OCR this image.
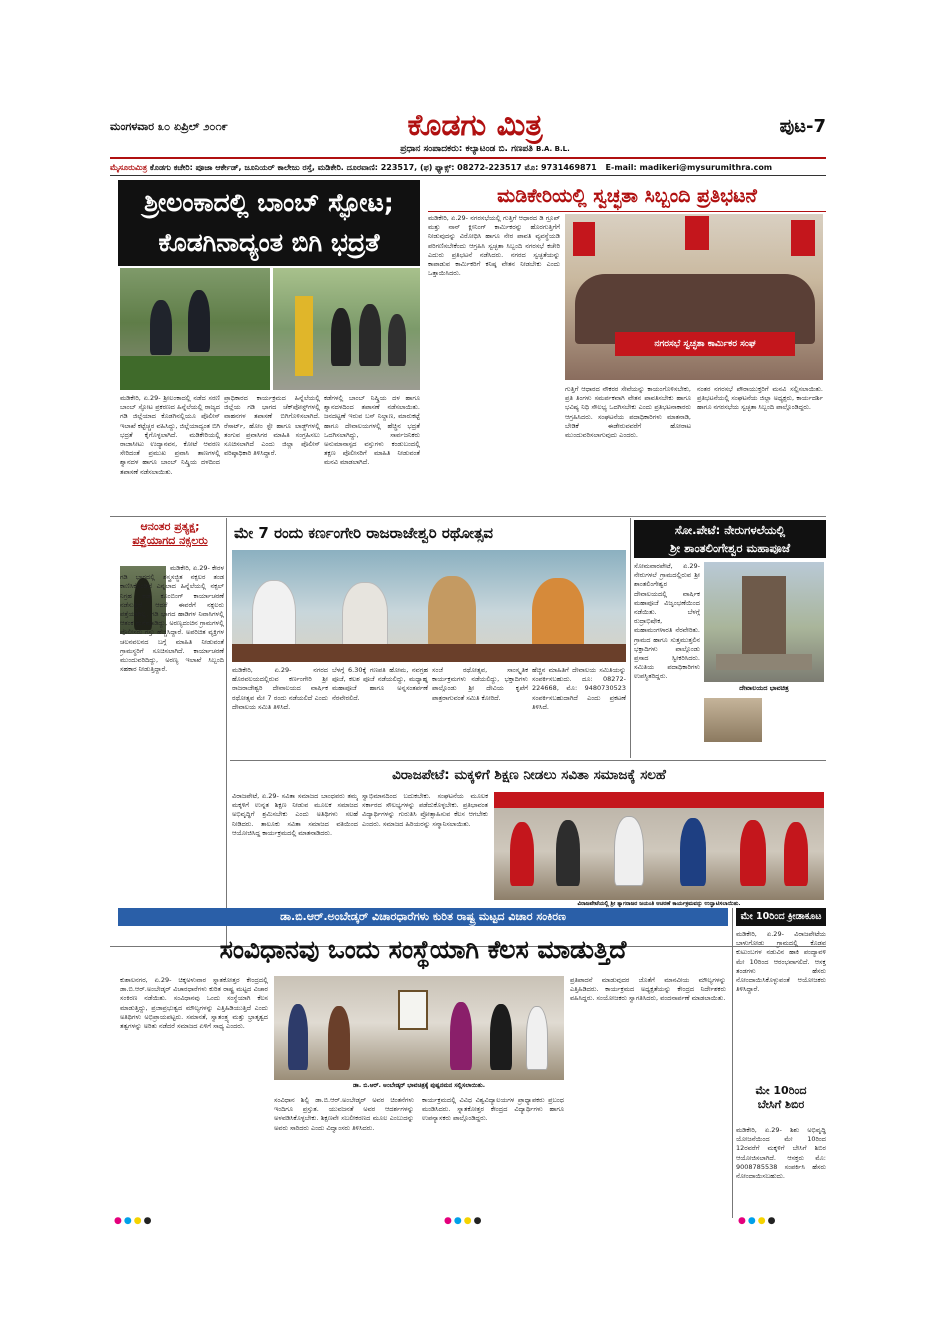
ಮಂಗಳವಾರ ೩೦ ಏಪ್ರಿಲ್ ೨೦೧೯	ಕೊಡಗು ಮಿತ್ರ
ಪ್ರಧಾನ ಸಂಪಾದಕರು: ಕಲ್ಯಾಟಂಡ ಬಿ. ಗಣಪತಿ B.A. B.L.
ಪುಟ-7
ಮೈಸೂರುಮಿತ್ರ ಕೊಡಗು ಕಚೇರಿ: ಪೂಜಾ ಆರ್ಕೇಡ್, ಜೂನಿಯರ್ ಕಾಲೇಜು ರಸ್ತೆ, ಮಡಿಕೇರಿ. ದೂರವಾಣಿ: 223517, (ಫ) ಫ್ಯಾಕ್ಸ್: 08272-223517 ಮೊ: 9731469871 E-mail: madikeri@mysurumithra.com
ಶ್ರೀಲಂಕಾದಲ್ಲಿ ಬಾಂಬ್ ಸ್ಫೋಟ;
ಕೊಡಗಿನಾದ್ಯಂತ ಬಿಗಿ ಭದ್ರತೆ
ಮಡಿಕೇರಿ, ಏ.29- ಶ್ರೀಲಂಕಾದಲ್ಲಿ ನಡೆದ ಸರಣಿ ಬಾಂಬ್ ಸ್ಫೋಟ ಪ್ರಕರಣದ ಹಿನ್ನೆಲೆಯಲ್ಲಿ ರಾಜ್ಯದ ಗಡಿ ಜಿಲ್ಲೆಯಾದ ಕೊಡಗಿನಲ್ಲಿಯೂ ಪೊಲೀಸ್ ಇಲಾಖೆ ಕಟ್ಟೆಚ್ಚರ ವಹಿಸಿದ್ದು, ಜಿಲ್ಲೆಯಾದ್ಯಂತ ಬಿಗಿ ಭದ್ರತೆ ಕೈಗೊಳ್ಳಲಾಗಿದೆ. ಮಡಿಕೇರಿಯಲ್ಲಿ ರಾಜಾಸೀಟು ಉದ್ಯಾನವನ, ಕೋಟೆ ಆವರಣ ಸೇರಿದಂತೆ ಪ್ರಮುಖ ಪ್ರವಾಸಿ ತಾಣಗಳಲ್ಲಿ ಶ್ವಾನದಳ ಹಾಗೂ ಬಾಂಬ್ ನಿಷ್ಕ್ರಿಯ ದಳದಿಂದ ತಪಾಸಣೆ ನಡೆಸಲಾಯಿತು.
ಪ್ರಾಧಿಕಾರದ ಕಾರ್ಯಕ್ರಮದ ಹಿನ್ನೆಲೆಯಲ್ಲಿ ಜಿಲ್ಲೆಯ ಗಡಿ ಭಾಗದ ಚೆಕ್‌ಪೋಸ್ಟ್‌ಗಳಲ್ಲಿ ವಾಹನಗಳ ತಪಾಸಣೆ ಬಿಗಿಗೊಳಿಸಲಾಗಿದೆ. ರೆಸಾರ್ಟ್, ಹೋಂ ಸ್ಟೇ ಹಾಗೂ ಲಾಡ್ಜ್‌ಗಳಲ್ಲಿ ತಂಗುವ ಪ್ರವಾಸಿಗರ ಮಾಹಿತಿ ಸಂಗ್ರಹಿಸಲು ಸೂಚಿಸಲಾಗಿದೆ ಎಂದು ಜಿಲ್ಲಾ ಪೊಲೀಸ್ ವರಿಷ್ಠಾಧಿಕಾರಿ ತಿಳಿಸಿದ್ದಾರೆ.
ಕಡೆಗಳಲ್ಲಿ ಬಾಂಬ್ ನಿಷ್ಕ್ರಿಯ ದಳ ಹಾಗೂ ಶ್ವಾನದಳದಿಂದ ತಪಾಸಣೆ ನಡೆಸಲಾಯಿತು. ಜನದಟ್ಟಣೆ ಇರುವ ಬಸ್ ನಿಲ್ದಾಣ, ಮಾರುಕಟ್ಟೆ ಹಾಗೂ ದೇವಾಲಯಗಳಲ್ಲಿ ಹೆಚ್ಚಿನ ಭದ್ರತೆ ಒದಗಿಸಲಾಗಿದ್ದು, ಸಾರ್ವಜನಿಕರು ಅನುಮಾನಾಸ್ಪದ ವಸ್ತುಗಳು ಕಂಡುಬಂದಲ್ಲಿ ತಕ್ಷಣ ಪೊಲೀಸರಿಗೆ ಮಾಹಿತಿ ನೀಡುವಂತೆ ಮನವಿ ಮಾಡಲಾಗಿದೆ.
ಮಡಿಕೇರಿಯಲ್ಲಿ ಸ್ವಚ್ಛತಾ ಸಿಬ್ಬಂದಿ ಪ್ರತಿಭಟನೆ
ಮಡಿಕೇರಿ, ಏ.29- ನಗರಸಭೆಯಲ್ಲಿ ಗುತ್ತಿಗೆ ಆಧಾರದ ಡಿ ಗ್ರೂಪ್ ಮತ್ತು ನಾನ್ ಕ್ಲೀನಿಂಗ್ ಕಾರ್ಮಿಕರನ್ನು ಹೊರಗುತ್ತಿಗೆಗೆ ನೀಡುವುದನ್ನು ವಿರೋಧಿಸಿ ಹಾಗೂ ನೇರ ಪಾವತಿ ವ್ಯವಸ್ಥೆಯಡಿ ಪರಿಗಣಿಸಬೇಕೆಂದು ಆಗ್ರಹಿಸಿ ಸ್ವಚ್ಛತಾ ಸಿಬ್ಬಂದಿ ನಗರಸಭೆ ಕಚೇರಿ ಎದುರು ಪ್ರತಿಭಟನೆ ನಡೆಸಿದರು. ನಗರದ ಸ್ವಚ್ಛತೆಯನ್ನು ಕಾಪಾಡುವ ಕಾರ್ಮಿಕರಿಗೆ ಕನಿಷ್ಠ ವೇತನ ನೀಡಬೇಕು ಎಂದು ಒತ್ತಾಯಿಸಿದರು.
ನಗರಸಭೆ ಸ್ವಚ್ಛತಾ ಕಾರ್ಮಿಕರ ಸಂಘ
ಗುತ್ತಿಗೆ ಆಧಾರದ ನೌಕರರ ಸೇವೆಯನ್ನು ಕಾಯಂಗೊಳಿಸಬೇಕು, ಪ್ರತಿ ತಿಂಗಳು ಸಮರ್ಪಕವಾಗಿ ವೇತನ ಪಾವತಿಸಬೇಕು ಹಾಗೂ ಭವಿಷ್ಯ ನಿಧಿ ಸೌಲಭ್ಯ ಒದಗಿಸಬೇಕು ಎಂದು ಪ್ರತಿಭಟನಾಕಾರರು ಆಗ್ರಹಿಸಿದರು. ಸಂಘಟನೆಯ ಪದಾಧಿಕಾರಿಗಳು ಮಾತನಾಡಿ, ಬೇಡಿಕೆ ಈಡೇರುವವರೆಗೆ ಹೋರಾಟ ಮುಂದುವರಿಸಲಾಗುವುದು ಎಂದರು.
ನಂತರ ನಗರಸಭೆ ಪೌರಾಯುಕ್ತರಿಗೆ ಮನವಿ ಸಲ್ಲಿಸಲಾಯಿತು. ಪ್ರತಿಭಟನೆಯಲ್ಲಿ ಸಂಘಟನೆಯ ಜಿಲ್ಲಾ ಅಧ್ಯಕ್ಷರು, ಕಾರ್ಯದರ್ಶಿ ಹಾಗೂ ನಗರಸಭೆಯ ಸ್ವಚ್ಛತಾ ಸಿಬ್ಬಂದಿ ಪಾಲ್ಗೊಂಡಿದ್ದರು.
ಆನಂತರ ಪ್ರತ್ಯಕ್ಷ;
ಪತ್ತೆಯಾಗದ ನಕ್ಸಲರು
ಮಡಿಕೇರಿ, ಏ.29- ಕೇರಳ ಗಡಿ ಭಾಗದಲ್ಲಿ ಶಸ್ತ್ರಸಜ್ಜಿತ ನಕ್ಸಲರ ತಂಡ ಕಾಣಿಸಿಕೊಂಡಿದೆ ಎನ್ನಲಾದ ಹಿನ್ನೆಲೆಯಲ್ಲಿ ನಕ್ಸಲ್ ನಿಗ್ರಹ ಪಡೆ ಕೂಂಬಿಂಗ್ ಕಾರ್ಯಾಚರಣೆ ನಡೆಸುತ್ತಿದೆ. ಆದರೆ ಈವರೆಗೆ ನಕ್ಸಲರು ಪತ್ತೆಯಾಗಿಲ್ಲ. ಗಡಿ ಭಾಗದ ಹಾಡಿಗಳ ನಿವಾಸಿಗಳಲ್ಲಿ ಆತಂಕ ಮನೆಮಾಡಿದ್ದು, ಅರಣ್ಯದಂಚಿನ ಗ್ರಾಮಗಳಲ್ಲಿ ಪೊಲೀಸರು ಗಸ್ತು ಹೆಚ್ಚಿಸಿದ್ದಾರೆ. ಅಪರಿಚಿತ ವ್ಯಕ್ತಿಗಳ ಚಲನವಲನದ ಬಗ್ಗೆ ಮಾಹಿತಿ ನೀಡುವಂತೆ ಗ್ರಾಮಸ್ಥರಿಗೆ ಸೂಚಿಸಲಾಗಿದೆ. ಕಾರ್ಯಾಚರಣೆ ಮುಂದುವರಿದಿದ್ದು, ಅರಣ್ಯ ಇಲಾಖೆ ಸಿಬ್ಬಂದಿ ಸಹಕಾರ ನೀಡುತ್ತಿದ್ದಾರೆ.
ಮೇ 7 ರಂದು ಕರ್ಣಂಗೇರಿ ರಾಜರಾಜೇಶ್ವರಿ ರಥೋತ್ಸವ
ಮಡಿಕೇರಿ, ಏ.29- ನಗರದ ಹೊರವಲಯದಲ್ಲಿರುವ ಕರ್ಣಂಗೇರಿ ಶ್ರೀ ರಾಜರಾಜೇಶ್ವರಿ ದೇವಾಲಯದ ವಾರ್ಷಿಕ ರಥೋತ್ಸವ ಮೇ 7 ರಂದು ನಡೆಯಲಿದೆ ಎಂದು ದೇವಾಲಯ ಸಮಿತಿ ತಿಳಿಸಿದೆ.
ಬೆಳಗ್ಗೆ 6.30ಕ್ಕೆ ಗಣಪತಿ ಹೋಮ, ನವಗ್ರಹ ಪೂಜೆ, ಕಲಶ ಪೂಜೆ ನಡೆಯಲಿದ್ದು, ಮಧ್ಯಾಹ್ನ ಮಹಾಪೂಜೆ ಹಾಗೂ ಅನ್ನಸಂತರ್ಪಣೆ ನೆರವೇರಲಿದೆ.
ಸಂಜೆ ರಥೋತ್ಸವ, ಸಾಂಸ್ಕೃತಿಕ ಕಾರ್ಯಕ್ರಮಗಳು ನಡೆಯಲಿದ್ದು, ಭಕ್ತಾದಿಗಳು ಪಾಲ್ಗೊಂಡು ಶ್ರೀ ದೇವಿಯ ಕೃಪೆಗೆ ಪಾತ್ರರಾಗುವಂತೆ ಸಮಿತಿ ಕೋರಿದೆ.
ಹೆಚ್ಚಿನ ಮಾಹಿತಿಗೆ ದೇವಾಲಯ ಸಮಿತಿಯನ್ನು ಸಂಪರ್ಕಿಸಬಹುದು. ದೂ: 08272-224668, ಮೊ: 9480730523 ಸಂಪರ್ಕಿಸಬಹುದಾಗಿದೆ ಎಂದು ಪ್ರಕಟಣೆ ತಿಳಿಸಿದೆ.
ಸೋ.ಪೇಟೆ: ನೇರುಗಳಲೆಯಲ್ಲಿ
ಶ್ರೀ ಶಾಂತಲಿಂಗೇಶ್ವರ ಮಹಾಪೂಜೆ
ಸೋಮವಾರಪೇಟೆ, ಏ.29- ನೇರುಗಳಲೆ ಗ್ರಾಮದಲ್ಲಿರುವ ಶ್ರೀ ಶಾಂತಲಿಂಗೇಶ್ವರ ದೇವಾಲಯದಲ್ಲಿ ವಾರ್ಷಿಕ ಮಹಾಪೂಜೆ ವಿಜೃಂಭಣೆಯಿಂದ ನಡೆಯಿತು. ಬೆಳಗ್ಗೆ ರುದ್ರಾಭಿಷೇಕ, ಮಹಾಮಂಗಳಾರತಿ ನೆರವೇರಿತು. ಗ್ರಾಮದ ಹಾಗೂ ಸುತ್ತಮುತ್ತಲಿನ ಭಕ್ತಾದಿಗಳು ಪಾಲ್ಗೊಂಡು ಪ್ರಸಾದ ಸ್ವೀಕರಿಸಿದರು. ಸಮಿತಿಯ ಪದಾಧಿಕಾರಿಗಳು ಉಪಸ್ಥಿತರಿದ್ದರು.
ದೇವಾಲಯದ ಭಾವಚಿತ್ರ
ವಿರಾಜಪೇಟೆ: ಮಕ್ಕಳಿಗೆ ಶಿಕ್ಷಣ ನೀಡಲು ಸವಿತಾ ಸಮಾಜಕ್ಕೆ ಸಲಹೆ
ವಿರಾಜಪೇಟೆ, ಏ.29- ಸವಿತಾ ಸಮಾಜದ ಬಾಂಧವರು ತಮ್ಮ ಮಕ್ಕಳಿಗೆ ಉನ್ನತ ಶಿಕ್ಷಣ ನೀಡುವ ಮೂಲಕ ಸಮಾಜದ ಅಭಿವೃದ್ಧಿಗೆ ಶ್ರಮಿಸಬೇಕು ಎಂದು ಅತಿಥಿಗಳು ಸಲಹೆ ನೀಡಿದರು. ತಾಲೂಕು ಸವಿತಾ ಸಮಾಜದ ವತಿಯಿಂದ ಆಯೋಜಿಸಿದ್ದ ಕಾರ್ಯಕ್ರಮದಲ್ಲಿ ಮಾತನಾಡಿದರು.
ಸ್ವಾಭಿಮಾನದಿಂದ ಬದುಕಬೇಕು. ಸಂಘಟನೆಯ ಮೂಲಕ ಸರ್ಕಾರದ ಸೌಲಭ್ಯಗಳನ್ನು ಪಡೆದುಕೊಳ್ಳಬೇಕು. ಪ್ರತಿಭಾವಂತ ವಿದ್ಯಾರ್ಥಿಗಳನ್ನು ಗುರುತಿಸಿ ಪ್ರೋತ್ಸಾಹಿಸುವ ಕೆಲಸ ಆಗಬೇಕು ಎಂದರು. ಸಮಾಜದ ಹಿರಿಯರನ್ನು ಸನ್ಮಾನಿಸಲಾಯಿತು.
ವಿರಾಜಪೇಟೆಯಲ್ಲಿ ಶ್ರೀ ತ್ಯಾಗರಾಜರ ಜಯಂತಿ ಆಚರಣೆ ಕಾರ್ಯಕ್ರಮವನ್ನು ಉದ್ಘಾಟಿಸಲಾಯಿತು.
ಡಾ.ಬಿ.ಆರ್.ಅಂಬೇಡ್ಕರ್ ವಿಚಾರಧಾರೆಗಳು ಕುರಿತ ರಾಷ್ಟ್ರ ಮಟ್ಟದ ವಿಚಾರ ಸಂಕಿರಣ
ಸಂವಿಧಾನವು ಒಂದು ಸಂಸ್ಥೆಯಾಗಿ ಕೆಲಸ ಮಾಡುತ್ತಿದೆ
ಕುಶಾಲನಗರ, ಏ.29- ಚಿಕ್ಕಅಳುವಾರ ಸ್ನಾತಕೋತ್ತರ ಕೇಂದ್ರದಲ್ಲಿ ಡಾ.ಬಿ.ಆರ್.ಅಂಬೇಡ್ಕರ್ ವಿಚಾರಧಾರೆಗಳು ಕುರಿತ ರಾಷ್ಟ್ರ ಮಟ್ಟದ ವಿಚಾರ ಸಂಕಿರಣ ನಡೆಯಿತು. ಸಂವಿಧಾನವು ಒಂದು ಸಂಸ್ಥೆಯಾಗಿ ಕೆಲಸ ಮಾಡುತ್ತಿದ್ದು, ಪ್ರಜಾಪ್ರಭುತ್ವದ ಮೌಲ್ಯಗಳನ್ನು ಎತ್ತಿಹಿಡಿಯುತ್ತಿದೆ ಎಂದು ಅತಿಥಿಗಳು ಅಭಿಪ್ರಾಯಪಟ್ಟರು. ಸಮಾನತೆ, ಸ್ವಾತಂತ್ರ್ಯ ಮತ್ತು ಭ್ರಾತೃತ್ವದ ತತ್ವಗಳನ್ನು ಅರಿತು ನಡೆದರೆ ಸಮಾಜದ ಏಳಿಗೆ ಸಾಧ್ಯ ಎಂದರು.
ಡಾ. ಬಿ.ಆರ್. ಅಂಬೇಡ್ಕರ್ ಭಾವಚಿತ್ರಕ್ಕೆ ಪುಷ್ಪನಮನ ಸಲ್ಲಿಸಲಾಯಿತು.
ಸಂವಿಧಾನ ಶಿಲ್ಪಿ ಡಾ.ಬಿ.ಆರ್.ಅಂಬೇಡ್ಕರ್ ಅವರ ಚಿಂತನೆಗಳು ಇಂದಿಗೂ ಪ್ರಸ್ತುತ. ಯುವಜನತೆ ಅವರ ಆದರ್ಶಗಳನ್ನು ಅಳವಡಿಸಿಕೊಳ್ಳಬೇಕು. ಶಿಕ್ಷಣವೇ ಸಬಲೀಕರಣದ ಮೂಲ ಎಂಬುದನ್ನು ಅವರು ಸಾರಿದರು ಎಂದು ವಿದ್ವಾಂಸರು ತಿಳಿಸಿದರು.
ಕಾರ್ಯಕ್ರಮದಲ್ಲಿ ವಿವಿಧ ವಿಶ್ವವಿದ್ಯಾಲಯಗಳ ಪ್ರಾಧ್ಯಾಪಕರು ಪ್ರಬಂಧ ಮಂಡಿಸಿದರು. ಸ್ನಾತಕೋತ್ತರ ಕೇಂದ್ರದ ವಿದ್ಯಾರ್ಥಿಗಳು ಹಾಗೂ ಉಪನ್ಯಾಸಕರು ಪಾಲ್ಗೊಂಡಿದ್ದರು.
ಪ್ರತಿಪಾದನೆ ಮಾಡುವುದರ ಜೊತೆಗೆ ಮಾನವೀಯ ಮೌಲ್ಯಗಳನ್ನು ಎತ್ತಿಹಿಡಿದರು. ಕಾರ್ಯಕ್ರಮದ ಅಧ್ಯಕ್ಷತೆಯನ್ನು ಕೇಂದ್ರದ ನಿರ್ದೇಶಕರು ವಹಿಸಿದ್ದರು. ಸಂಯೋಜಕರು ಸ್ವಾಗತಿಸಿದರು, ವಂದನಾರ್ಪಣೆ ಮಾಡಲಾಯಿತು.
ಮೇ 10ರಿಂದ ಕ್ರೀಡಾಕೂಟ
ಮಡಿಕೇರಿ, ಏ.29- ವಿರಾಜಪೇಟೆಯ ಬಾಳುಗೋಡು ಗ್ರಾಮದಲ್ಲಿ ಕೊಡವ ಕುಟುಂಬಗಳ ನಡುವಿನ ಹಾಕಿ ಪಂದ್ಯಾವಳಿ ಮೇ 10ರಿಂದ ಆರಂಭವಾಗಲಿದೆ. ಆಸಕ್ತ ತಂಡಗಳು ಹೆಸರು ನೋಂದಾಯಿಸಿಕೊಳ್ಳುವಂತೆ ಆಯೋಜಕರು ತಿಳಿಸಿದ್ದಾರೆ.
ಮೇ 10ರಿಂದ
ಬೇಸಿಗೆ ಶಿಬಿರ
ಮಡಿಕೇರಿ, ಏ.29- ಶಿಶು ಅಭಿವೃದ್ಧಿ ಯೋಜನೆಯಿಂದ ಮೇ 10ರಿಂದ 12ರವರೆಗೆ ಮಕ್ಕಳಿಗೆ ಬೇಸಿಗೆ ಶಿಬಿರ ಆಯೋಜಿಸಲಾಗಿದೆ. ಆಸಕ್ತರು ಮೊ: 9008785538 ಸಂಪರ್ಕಿಸಿ ಹೆಸರು ನೋಂದಾಯಿಸಬಹುದು.
●●●●	●●●●	●●●●
